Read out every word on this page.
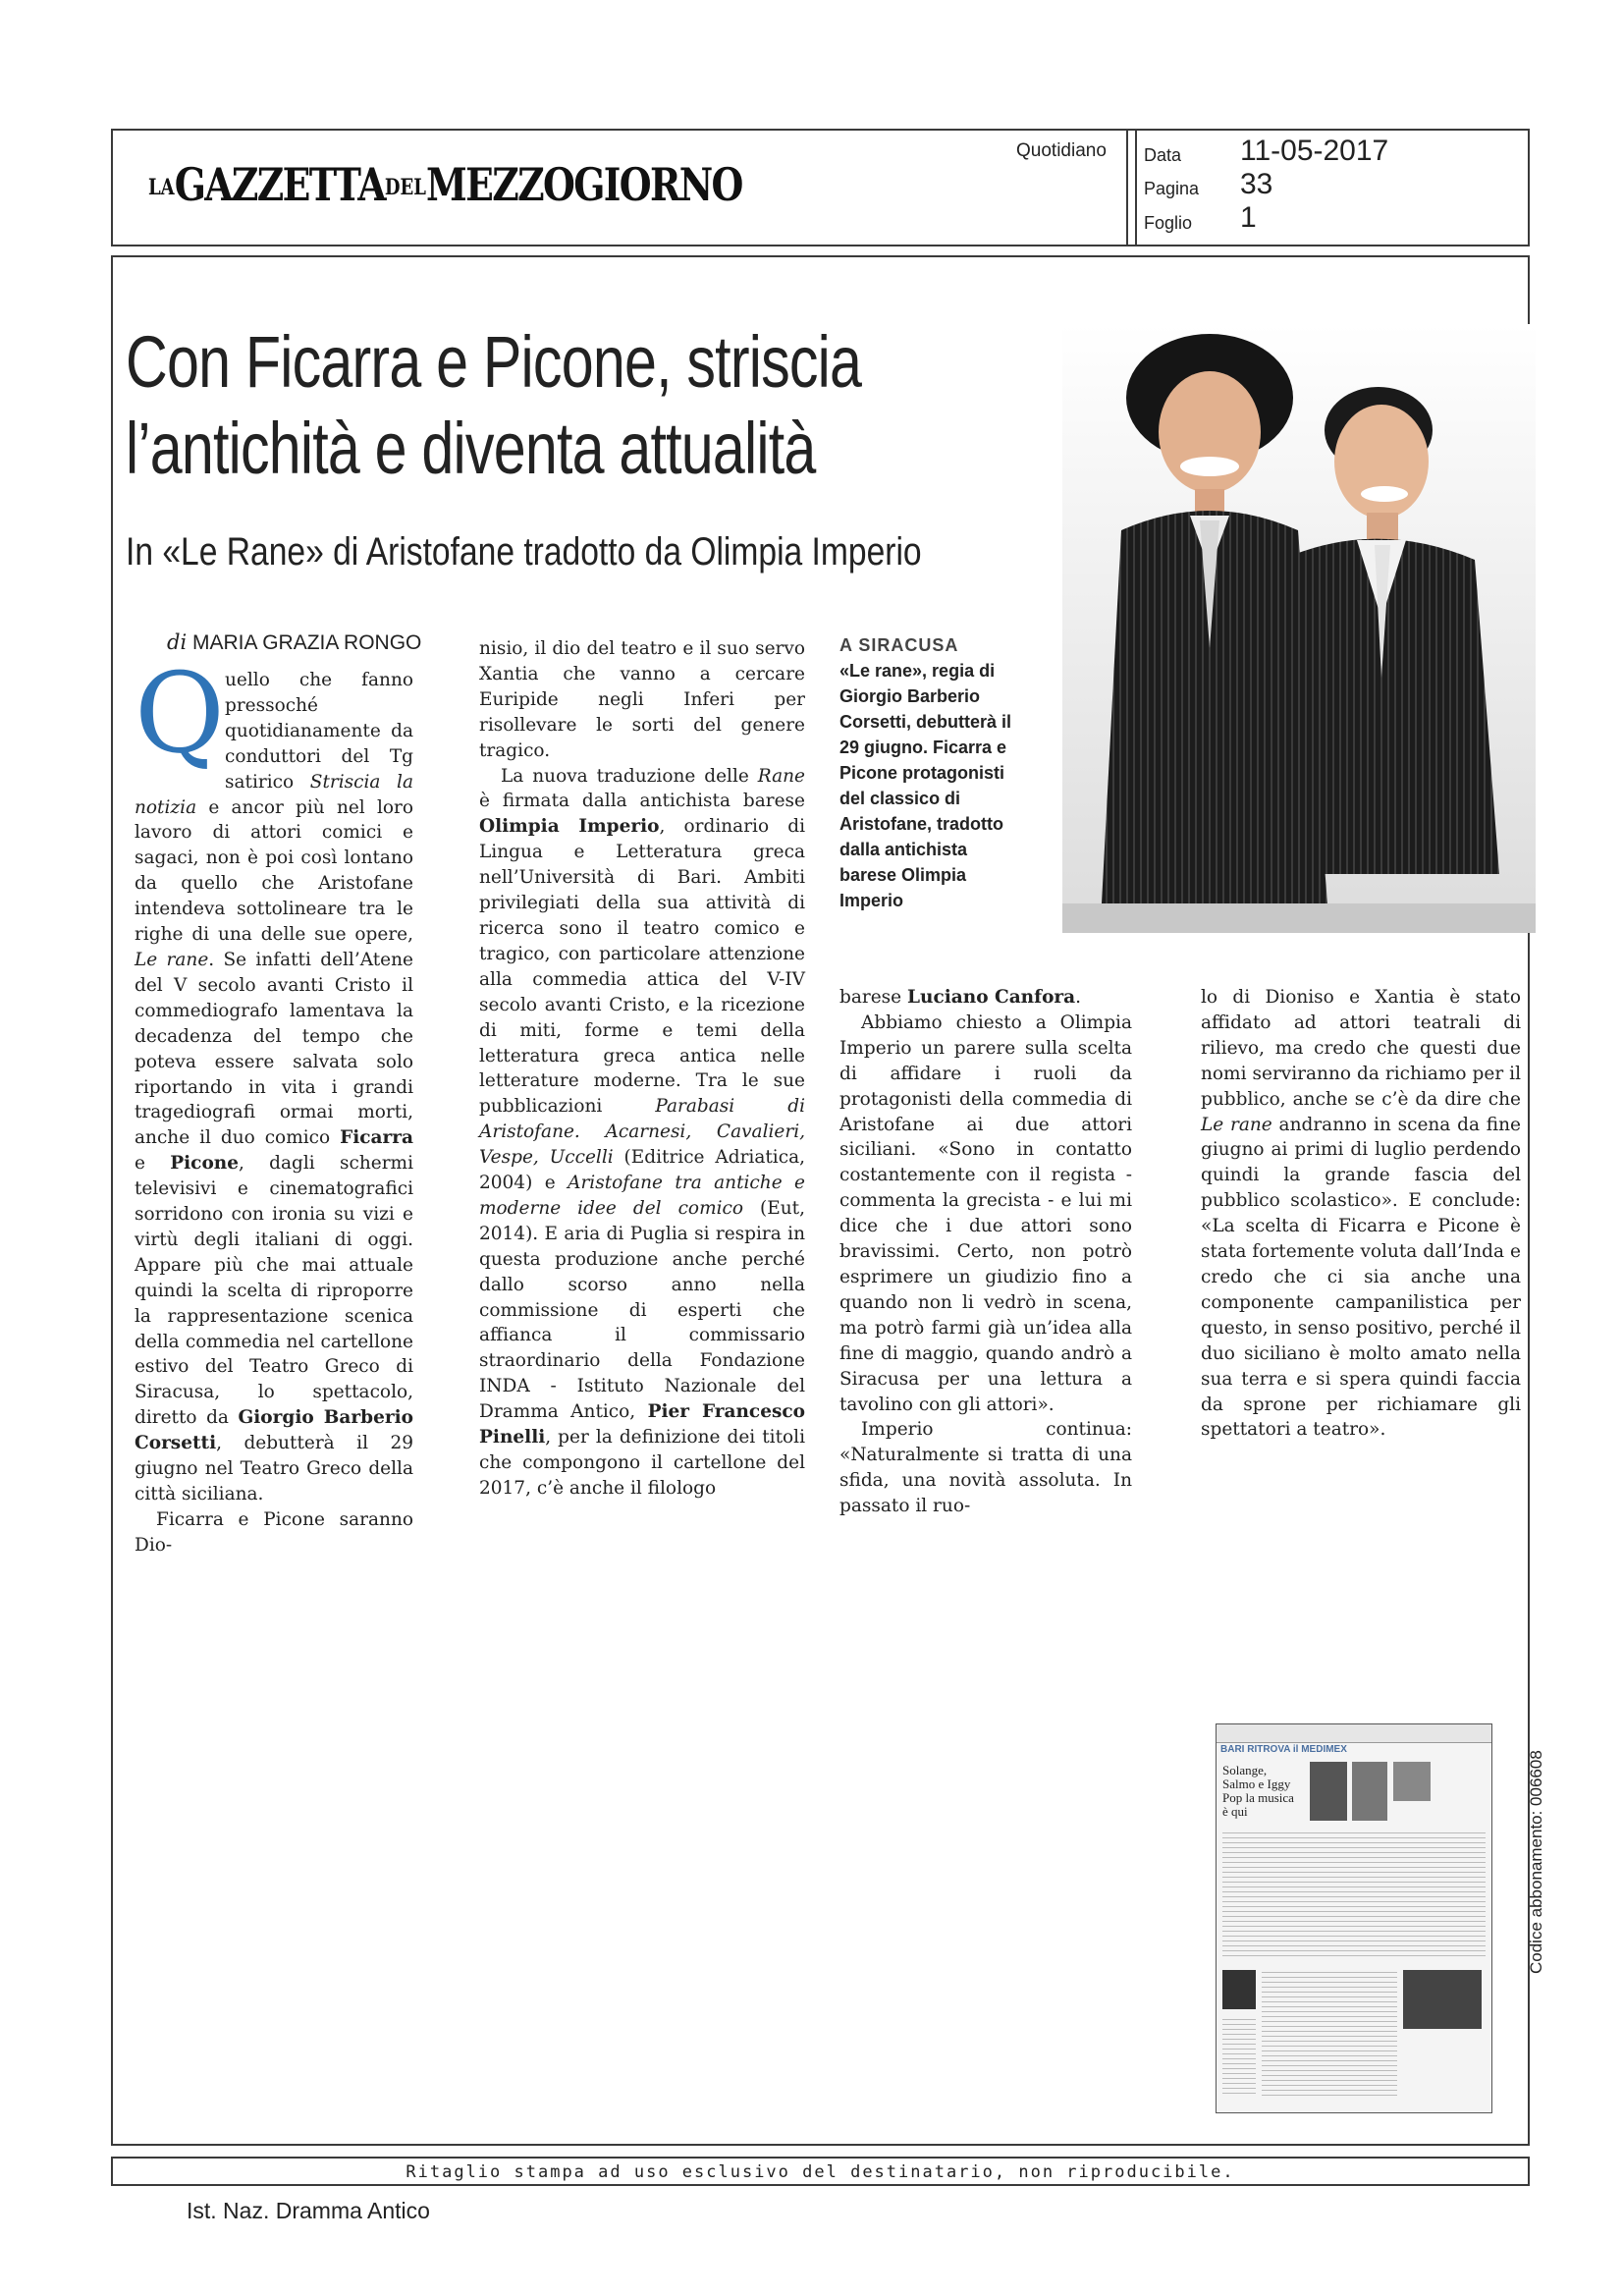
LAGAZZETTADELMEZZOGIORNO
Quotidiano Data 11-05-2017
Pagina 33
Foglio 1
Con Ficarra e Picone, striscia
l’antichità e diventa attualità
In «Le Rane» di Aristofane tradotto da Olimpia Imperio
di MARIA GRAZIA RONGO

Quello che fanno pressoché quotidianamente da conduttori del Tg satirico Striscia la notizia e ancor più nel loro lavoro di attori comici e sagaci, non è poi così lontano da quello che Aristofane intendeva sottolineare tra le righe di una delle sue opere, Le rane. Se infatti dell’Atene del V secolo avanti Cristo il commediografo lamentava la decadenza del tempo che poteva essere salvata solo riportando in vita i grandi tragediografi ormai morti, anche il duo comico Ficarra e Picone, dagli schermi televisivi e cinematografici sorridono con ironia su vizi e virtù degli italiani di oggi. Appare più che mai attuale quindi la scelta di riproporre la rappresentazione scenica della commedia nel cartellone estivo del Teatro Greco di Siracusa, lo spettacolo, diretto da Giorgio Barberio Corsetti, debutterà il 29 giugno nel Teatro Greco della città siciliana.

Ficarra e Picone saranno Dio-

nisio, il dio del teatro e il suo servo Xantia che vanno a cercare Euripide negli Inferi per risollevare le sorti del genere tragico.

La nuova traduzione delle Rane è firmata dalla antichista barese Olimpia Imperio, ordinario di Lingua e Letteratura greca nell’Università di Bari. Ambiti privilegiati della sua attività di ricerca sono il teatro comico e tragico, con particolare attenzione alla commedia attica del V-IV secolo avanti Cristo, e la ricezione di miti, forme e temi della letteratura greca antica nelle letterature moderne. Tra le sue pubblicazioni Parabasi di Aristofane. Acarnesi, Cavalieri, Vespe, Uccelli (Editrice Adriatica, 2004) e Aristofane tra antiche e moderne idee del comico (Eut, 2014). E aria di Puglia si respira in questa produzione anche perché dallo scorso anno nella commissione di esperti che affianca il commissario straordinario della Fondazione INDA - Istituto Nazionale del Dramma Antico, Pier Francesco Pinelli, per la definizione dei titoli che compongono il cartellone del 2017, c’è anche il filologo

A SIRACUSA
«Le rane», regia di Giorgio Barberio Corsetti, debutterà il 29 giugno. Ficarra e Picone protagonisti del classico di Aristofane, tradotto dalla antichista barese Olimpia Imperio

barese Luciano Canfora.

Abbiamo chiesto a Olimpia Imperio un parere sulla scelta di affidare i ruoli da protagonisti della commedia di Aristofane ai due attori siciliani. «Sono in contatto costantemente con il regista - commenta la grecista - e lui mi dice che i due attori sono bravissimi. Certo, non potrò esprimere un giudizio fino a quando non li vedrò in scena, ma potrò farmi già un’idea alla fine di maggio, quando andrò a Siracusa per una lettura a tavolino con gli attori».

Imperio continua: «Naturalmente si tratta di una sfida, una novità assoluta. In passato il ruo-

lo di Dioniso e Xantia è stato affidato ad attori teatrali di rilievo, ma credo che questi due nomi serviranno da richiamo per il pubblico, anche se c’è da dire che Le rane andranno in scena da fine giugno ai primi di luglio perdendo quindi la grande fascia del pubblico scolastico». E conclude: «La scelta di Ficarra e Picone è stata fortemente voluta dall’Inda e credo che ci sia anche una componente campanilistica per questo, in senso positivo, perché il duo siciliano è molto amato nella sua terra e si spera quindi faccia da sprone per richiamare gli spettatori a teatro».

BARI RITROVA il MEDIMEX
Solange, Salmo e Iggy Pop la musica è qui	Codice abbonamento: 006608
Ritaglio stampa ad uso esclusivo del destinatario, non riproducibile.
Ist. Naz. Dramma Antico
